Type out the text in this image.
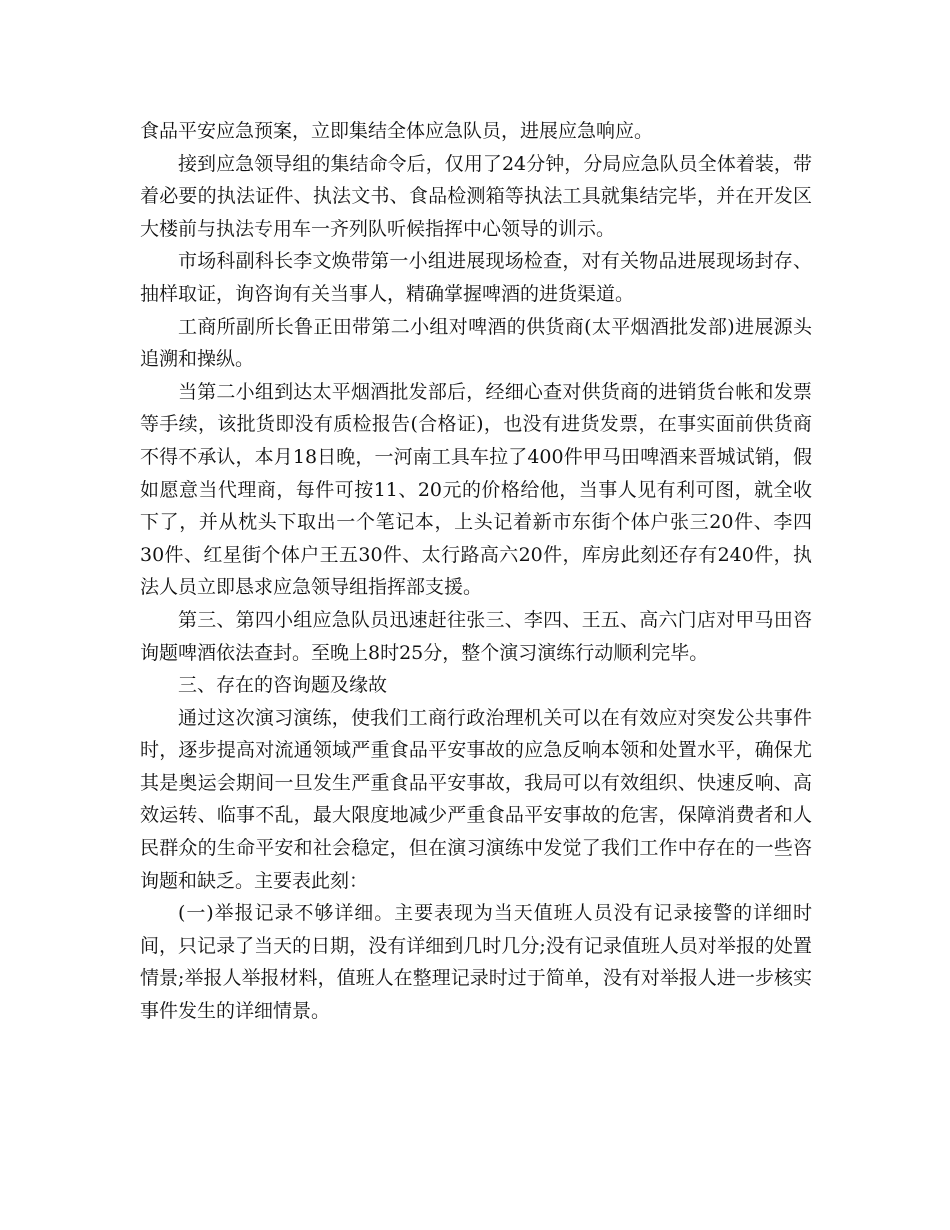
食品平安应急预案，立即集结全体应急队员，进展应急响应。

接到应急领导组的集结命令后，仅用了24分钟，分局应急队员全体着装，带着必要的执法证件、执法文书、食品检测箱等执法工具就集结完毕，并在开发区大楼前与执法专用车一齐列队听候指挥中心领导的训示。

市场科副科长李文焕带第一小组进展现场检查，对有关物品进展现场封存、抽样取证，询咨询有关当事人，精确掌握啤酒的进货渠道。

工商所副所长鲁正田带第二小组对啤酒的供货商(太平烟酒批发部)进展源头追溯和操纵。

当第二小组到达太平烟酒批发部后，经细心查对供货商的进销货台帐和发票等手续，该批货即没有质检报告(合格证)，也没有进货发票，在事实面前供货商不得不承认，本月18日晚，一河南工具车拉了400件甲马田啤酒来晋城试销，假如愿意当代理商，每件可按11、20元的价格给他，当事人见有利可图，就全收下了，并从枕头下取出一个笔记本，上头记着新市东街个体户张三20件、李四30件、红星街个体户王五30件、太行路高六20件，库房此刻还存有240件，执法人员立即恳求应急领导组指挥部支援。

第三、第四小组应急队员迅速赶往张三、李四、王五、高六门店对甲马田咨询题啤酒依法查封。至晚上8时25分，整个演习演练行动顺利完毕。

三、存在的咨询题及缘故

通过这次演习演练，使我们工商行政治理机关可以在有效应对突发公共事件时，逐步提高对流通领域严重食品平安事故的应急反响本领和处置水平，确保尤其是奥运会期间一旦发生严重食品平安事故，我局可以有效组织、快速反响、高效运转、临事不乱，最大限度地减少严重食品平安事故的危害，保障消费者和人民群众的生命平安和社会稳定，但在演习演练中发觉了我们工作中存在的一些咨询题和缺乏。主要表此刻：

(一)举报记录不够详细。主要表现为当天值班人员没有记录接警的详细时间，只记录了当天的日期，没有详细到几时几分;没有记录值班人员对举报的处置情景;举报人举报材料，值班人在整理记录时过于简单，没有对举报人进一步核实事件发生的详细情景。
